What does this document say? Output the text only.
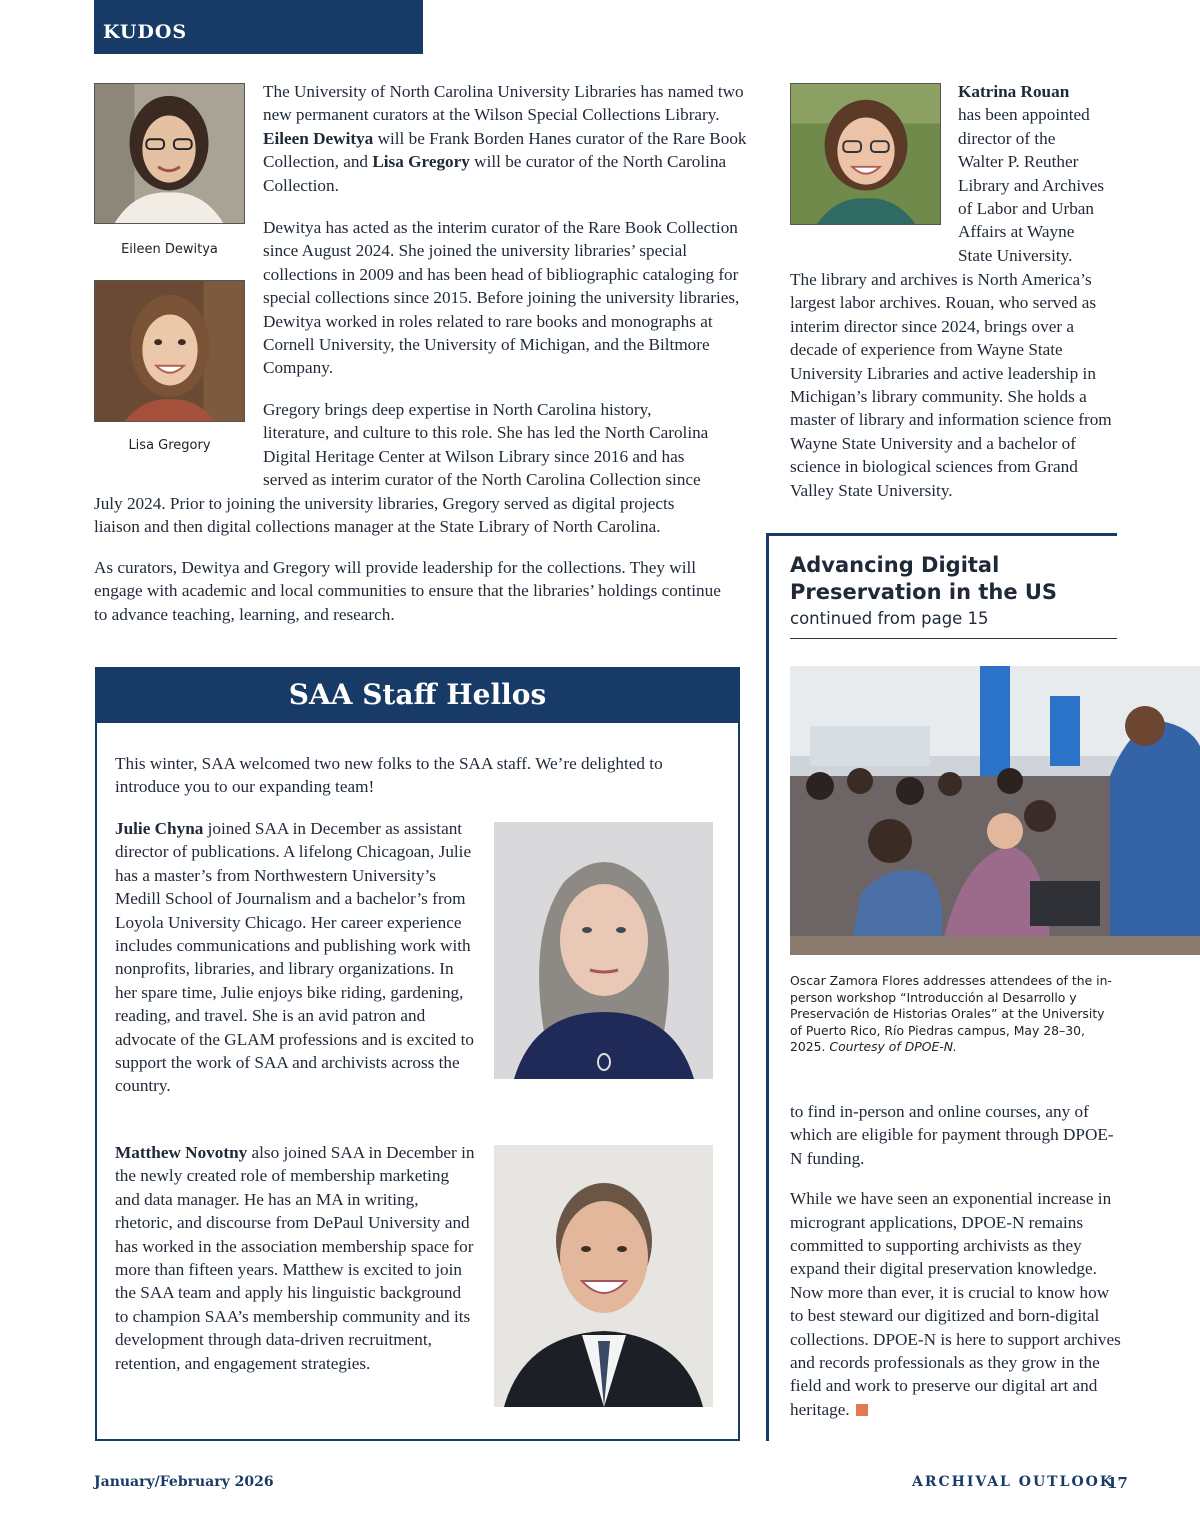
KUDOS
Eileen Dewitya
Lisa Gregory
The University of North Carolina University Libraries has named two new permanent curators at the Wilson Special Collections Library. Eileen Dewitya will be Frank Borden Hanes curator of the Rare Book Collection, and Lisa Gregory will be curator of the North Carolina Collection.
Dewitya has acted as the interim curator of the Rare Book Collection since August 2024. She joined the university libraries’ special collections in 2009 and has been head of bibliographic cataloging for special collections since 2015. Before joining the university libraries, Dewitya worked in roles related to rare books and monographs at Cornell University, the University of Michigan, and the Biltmore Company.
Gregory brings deep expertise in North Carolina history,
literature, and culture to this role. She has led the North Carolina
Digital Heritage Center at Wilson Library since 2016 and has
served as interim curator of the North Carolina Collection since
July 2024. Prior to joining the university libraries, Gregory served as digital projects
liaison and then digital collections manager at the State Library of North Carolina.
As curators, Dewitya and Gregory will provide leadership for the collections. They will engage with academic and local communities to ensure that the libraries’ holdings continue to advance teaching, learning, and research.
Katrina Rouan
has been appointed
director of the
Walter P. Reuther
Library and Archives
of Labor and Urban
Affairs at Wayne
State University.
The library and archives is North America’s largest labor archives. Rouan, who served as interim director since 2024, brings over a decade of experience from Wayne State University Libraries and active leadership in Michigan’s library community. She holds a master of library and information science from Wayne State University and a bachelor of science in biological sciences from Grand Valley State University.
SAA Staff Hellos
This winter, SAA welcomed two new folks to the SAA staff. We’re delighted to introduce you to our expanding team!
Julie Chyna joined SAA in December as assistant director of publications. A lifelong Chicagoan, Julie has a master’s from Northwestern University’s Medill School of Journalism and a bachelor’s from Loyola University Chicago. Her career experience includes communications and publishing work with nonprofits, libraries, and library organizations. In her spare time, Julie enjoys bike riding, gardening, reading, and travel. She is an avid patron and advocate of the GLAM professions and is excited to support the work of SAA and archivists across the country.
Matthew Novotny also joined SAA in December in the newly created role of membership marketing and data manager. He has an MA in writing, rhetoric, and discourse from DePaul University and has worked in the association membership space for more than fifteen years. Matthew is excited to join the SAA team and apply his linguistic background to champion SAA’s membership community and its development through data-driven recruitment, retention, and engagement strategies.
Advancing Digital Preservation in the US
continued from page 15
Oscar Zamora Flores addresses attendees of the in-person workshop “Introducción al Desarrollo y Preservación de Historias Orales” at the University of Puerto Rico, Río Piedras campus, May 28–30, 2025. Courtesy of DPOE-N.

to find in-person and online courses, any of which are eligible for payment through DPOE-N funding.

While we have seen an exponential increase in microgrant applications, DPOE-N remains committed to supporting archivists as they expand their digital preservation knowledge. Now more than ever, it is crucial to know how to best steward our digitized and born-digital collections. DPOE-N is here to support archives and records professionals as they grow in the field and work to preserve our digital art and heritage.

January/February 2026	ARCHIVAL OUTLOOK
17
